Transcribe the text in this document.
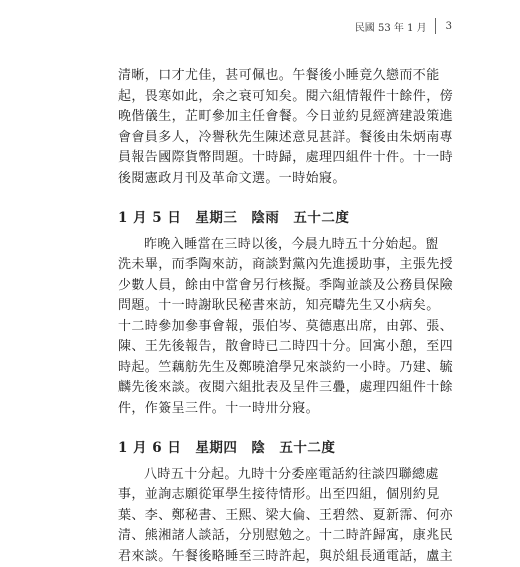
民國 53 年 1 月 3
清晰，口才尤佳，甚可佩也。午餐後小睡竟久戀而不能
起，畏寒如此，余之衰可知矣。閱六組情報件十餘件，傍
晚偕儀生，芷町參加主任會餐。今日並約見經濟建設策進
會會員多人，冷譽秋先生陳述意見甚詳。餐後由朱炳南專
員報告國際貨幣問題。十時歸，處理四組件十件。十一時
後閱憲政月刊及革命文選。一時始寢。
1 月 5 日　星期三　陰雨　五十二度
昨晚入睡當在三時以後，今晨九時五十分始起。盥
洗未畢，而季陶來訪，商談對黨內先進援助事，主張先授
少數人員，餘由中當會另行核擬。季陶並談及公務員保險
問題。十一時謝耿民秘書來訪，知亮疇先生又小病矣。
十二時參加參事會報，張伯岑、莫德惠出席，由郭、張、
陳、王先後報告，散會時已二時四十分。回寓小憩，至四
時起。竺藕舫先生及鄭曉滄學兄來談約一小時。乃建、毓
麟先後來談。夜閱六組批表及呈件三疊，處理四組件十餘
件，作簽呈三件。十一時卅分寢。
1 月 6 日　星期四　陰　五十二度
八時五十分起。九時十分委座電話約往談四聯總處
事，並詢志願從軍學生接待情形。出至四組，個別約見
葉、李、鄭秘書、王熙、梁大倫、王碧然、夏新霈、何亦
清、熊湘諸人談話，分別慰勉之。十二時許歸寓，康兆民
君來談。午餐後略睡至三時許起，與於組長通電話，盧主
